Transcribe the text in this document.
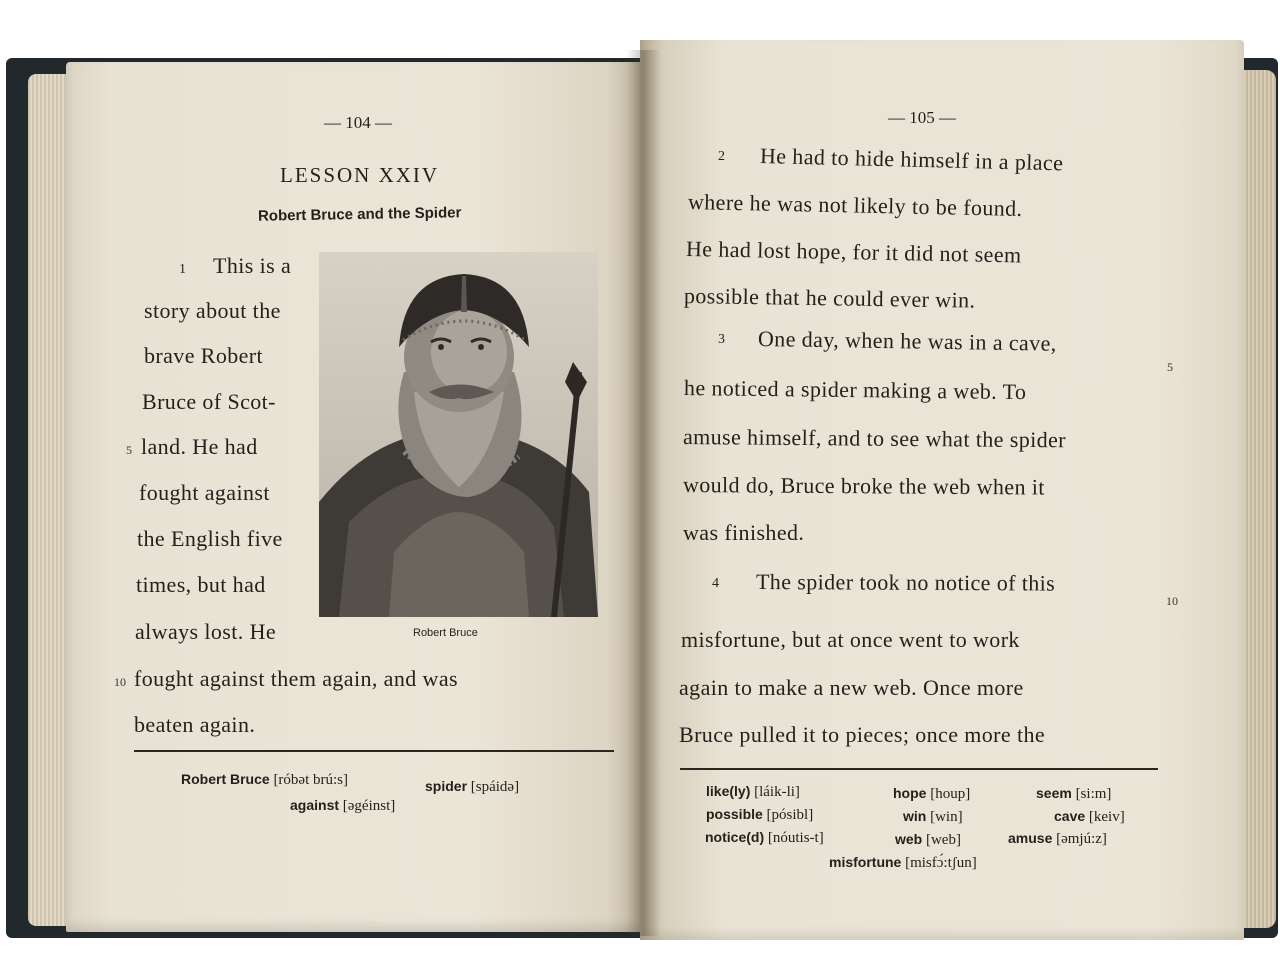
— 104 —
LESSON XXIV
Robert Bruce and the Spider
1 This is a
story about the
brave Robert
Bruce of Scot-
5 land. He had
fought against
the English five
times, but had
always lost. He
10 fought against them again, and was
beaten again.
Robert Bruce
Robert Bruce [róbət brú:s]	spider [spáidə]
against [əgéinst]
— 105 —
2 He had to hide himself in a place
where he was not likely to be found.
He had lost hope, for it did not seem
possible that he could ever win.
3 One day, when he was in a cave,
5
he noticed a spider making a web. To
amuse himself, and to see what the spider
would do, Bruce broke the web when it
was finished.
4 The spider took no notice of this
10
misfortune, but at once went to work
again to make a new web. Once more
Bruce pulled it to pieces; once more the
like(ly) [láik-li]	hope [houp]	seem [si:m]
possible [pósibl]	win [win]	cave [keiv]
notice(d) [nóutis-t]	web [web]	amuse [əmjú:z]
misfortune [misfɔ́:tʃun]
